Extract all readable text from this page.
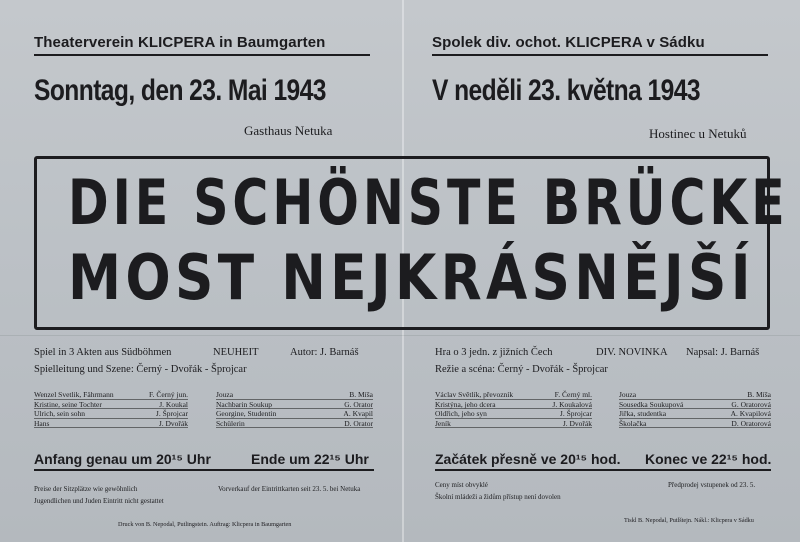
Theaterverein KLICPERA in Baumgarten
Sonntag, den 23. Mai 1943
Gasthaus Netuka
Spolek div. ochot. KLICPERA v Sádku
V neděli 23. května 1943
Hostinec u Netuků
DIE SCHÖNSTE BRÜCKE
MOST NEJKRÁSNĚJŠÍ
Spiel in 3 Akten aus Südböhmen	NEUHEIT	Autor: J. Barnáš
Spielleitung und Szene: Černý - Dvořák - Šprojcar
Wenzel Svetlik, Fährmann	F. Černý jun.
Kristine, seine Tochter	J. Koukal
Ulrich, sein sohn	J. Šprojcar
Hans	J. Dvořák
Jouza	B. Míša
Nachbarin Soukup	G. Orator
Georgine, Studentin	A. Kvapil
Schülerin	D. Orator
Anfang genau um 20¹⁵ Uhr	Ende um 22¹⁵ Uhr
Preise der Sitzplätze wie gewöhnlich	Vorverkauf der Eintrittkarten seit 23. 5. bei Netuka
Jugendlichen und Juden Eintritt nicht gestattet
Druck von B. Nepodal, Putlingstein. Auftrag: Klicpera in Baumgarten
Hra o 3 jedn. z jižních Čech	DIV. NOVINKA Napsal: J. Barnáš
Režie a scéna: Černý - Dvořák - Šprojcar
Václav Světlík, převozník	F. Černý ml.
Kristýna, jeho dcera	J. Koukalová
Oldřich, jeho syn	J. Šprojcar
Jeník	J. Dvořák
Jouza	B. Míša
Sousedka Soukupová	G. Oratorová
Jiřka, studentka	A. Kvapilová
Školačka	D. Oratorová
Začátek přesně ve 20¹⁵ hod. Konec ve 22¹⁵ hod.
Ceny míst obvyklé	Předprodej vstupenek od 23. 5.
Školní mládeži a židům přístup není dovolen
Tiskl B. Nepodal, Putlštejn. Nákl.: Klicpera v Sádku
